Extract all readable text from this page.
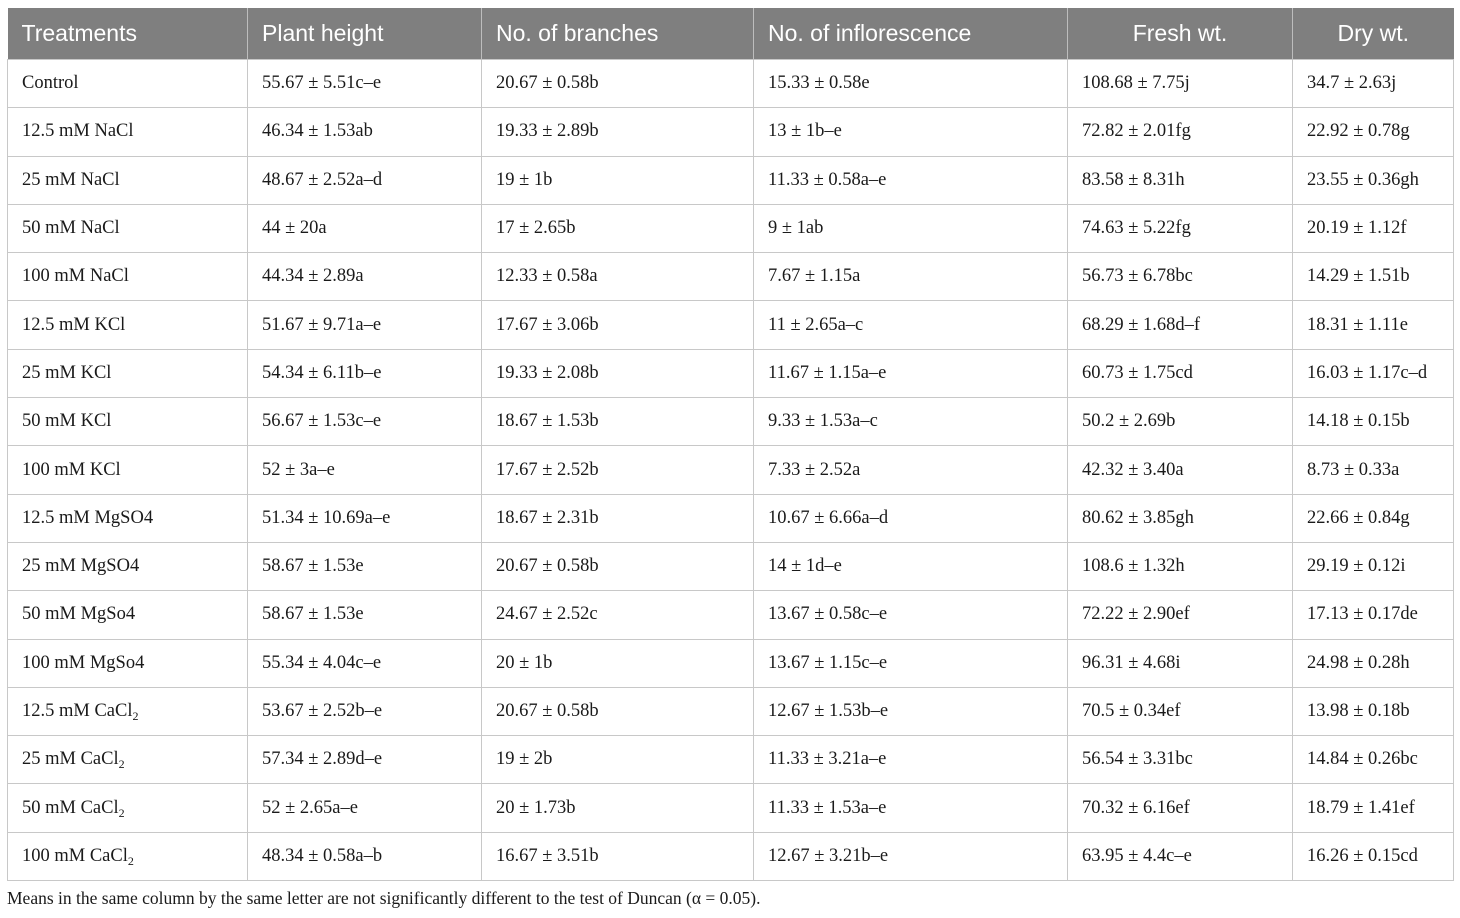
Treatments	Plant height	No. of branches	No. of inflorescence	Fresh wt.	Dry wt.
Control	55.67 ± 5.51c–e	20.67 ± 0.58b	15.33 ± 0.58e	108.68 ± 7.75j	34.7 ± 2.63j
12.5 mM NaCl	46.34 ± 1.53ab	19.33 ± 2.89b	13 ± 1b–e	72.82 ± 2.01fg	22.92 ± 0.78g
25 mM NaCl	48.67 ± 2.52a–d	19 ± 1b	11.33 ± 0.58a–e	83.58 ± 8.31h	23.55 ± 0.36gh
50 mM NaCl	44 ± 20a	17 ± 2.65b	9 ± 1ab	74.63 ± 5.22fg	20.19 ± 1.12f
100 mM NaCl	44.34 ± 2.89a	12.33 ± 0.58a	7.67 ± 1.15a	56.73 ± 6.78bc	14.29 ± 1.51b
12.5 mM KCl	51.67 ± 9.71a–e	17.67 ± 3.06b	11 ± 2.65a–c	68.29 ± 1.68d–f	18.31 ± 1.11e
25 mM KCl	54.34 ± 6.11b–e	19.33 ± 2.08b	11.67 ± 1.15a–e	60.73 ± 1.75cd	16.03 ± 1.17c–d
50 mM KCl	56.67 ± 1.53c–e	18.67 ± 1.53b	9.33 ± 1.53a–c	50.2 ± 2.69b	14.18 ± 0.15b
100 mM KCl	52 ± 3a–e	17.67 ± 2.52b	7.33 ± 2.52a	42.32 ± 3.40a	8.73 ± 0.33a
12.5 mM MgSO4	51.34 ± 10.69a–e	18.67 ± 2.31b	10.67 ± 6.66a–d	80.62 ± 3.85gh	22.66 ± 0.84g
25 mM MgSO4	58.67 ± 1.53e	20.67 ± 0.58b	14 ± 1d–e	108.6 ± 1.32h	29.19 ± 0.12i
50 mM MgSo4	58.67 ± 1.53e	24.67 ± 2.52c	13.67 ± 0.58c–e	72.22 ± 2.90ef	17.13 ± 0.17de
100 mM MgSo4	55.34 ± 4.04c–e	20 ± 1b	13.67 ± 1.15c–e	96.31 ± 4.68i	24.98 ± 0.28h
12.5 mM CaCl$_2$	53.67 ± 2.52b–e	20.67 ± 0.58b	12.67 ± 1.53b–e	70.5 ± 0.34ef	13.98 ± 0.18b
25 mM CaCl$_2$	57.34 ± 2.89d–e	19 ± 2b	11.33 ± 3.21a–e	56.54 ± 3.31bc	14.84 ± 0.26bc
50 mM CaCl$_2$	52 ± 2.65a–e	20 ± 1.73b	11.33 ± 1.53a–e	70.32 ± 6.16ef	18.79 ± 1.41ef
100 mM CaCl$_2$	48.34 ± 0.58a–b	16.67 ± 3.51b	12.67 ± 3.21b–e	63.95 ± 4.4c–e	16.26 ± 0.15cd
Means in the same column by the same letter are not significantly different to the test of Duncan (α = 0.05).
